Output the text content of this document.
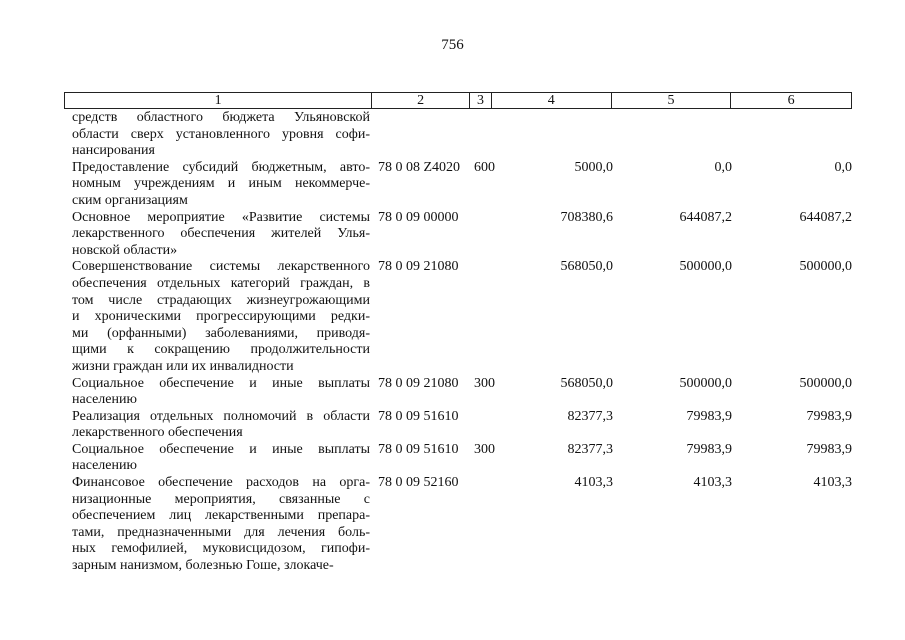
756
1	2	3	4	5	6
средств областного бюджета Ульяновской
области сверх установленного уровня софи-
нансирования
Предоставление субсидий бюджетным, авто-
номным учреждениям и иным некоммерче-
ским организациям
78 0 08 Z4020 600	5000,0	0,0	0,0
Основное мероприятие «Развитие системы
лекарственного обеспечения жителей Улья-
новской области»
78 0 09 00000	708380,6	644087,2	644087,2
Совершенствование системы лекарственного
обеспечения отдельных категорий граждан, в
том числе страдающих жизнеугрожающими
и хроническими прогрессирующими редки-
ми (орфанными) заболеваниями, приводя-
щими к сокращению продолжительности
жизни граждан или их инвалидности
78 0 09 21080	568050,0	500000,0	500000,0
Социальное обеспечение и иные выплаты
населению
78 0 09 21080 300	568050,0	500000,0	500000,0
Реализация отдельных полномочий в области
лекарственного обеспечения
78 0 09 51610	82377,3	79983,9	79983,9
Социальное обеспечение и иные выплаты
населению
78 0 09 51610 300	82377,3	79983,9	79983,9
Финансовое обеспечение расходов на орга-
низационные мероприятия, связанные с
обеспечением лиц лекарственными препара-
тами, предназначенными для лечения боль-
ных гемофилией, муковисцидозом, гипофи-
зарным нанизмом, болезнью Гоше, злокаче-
78 0 09 52160	4103,3	4103,3	4103,3
